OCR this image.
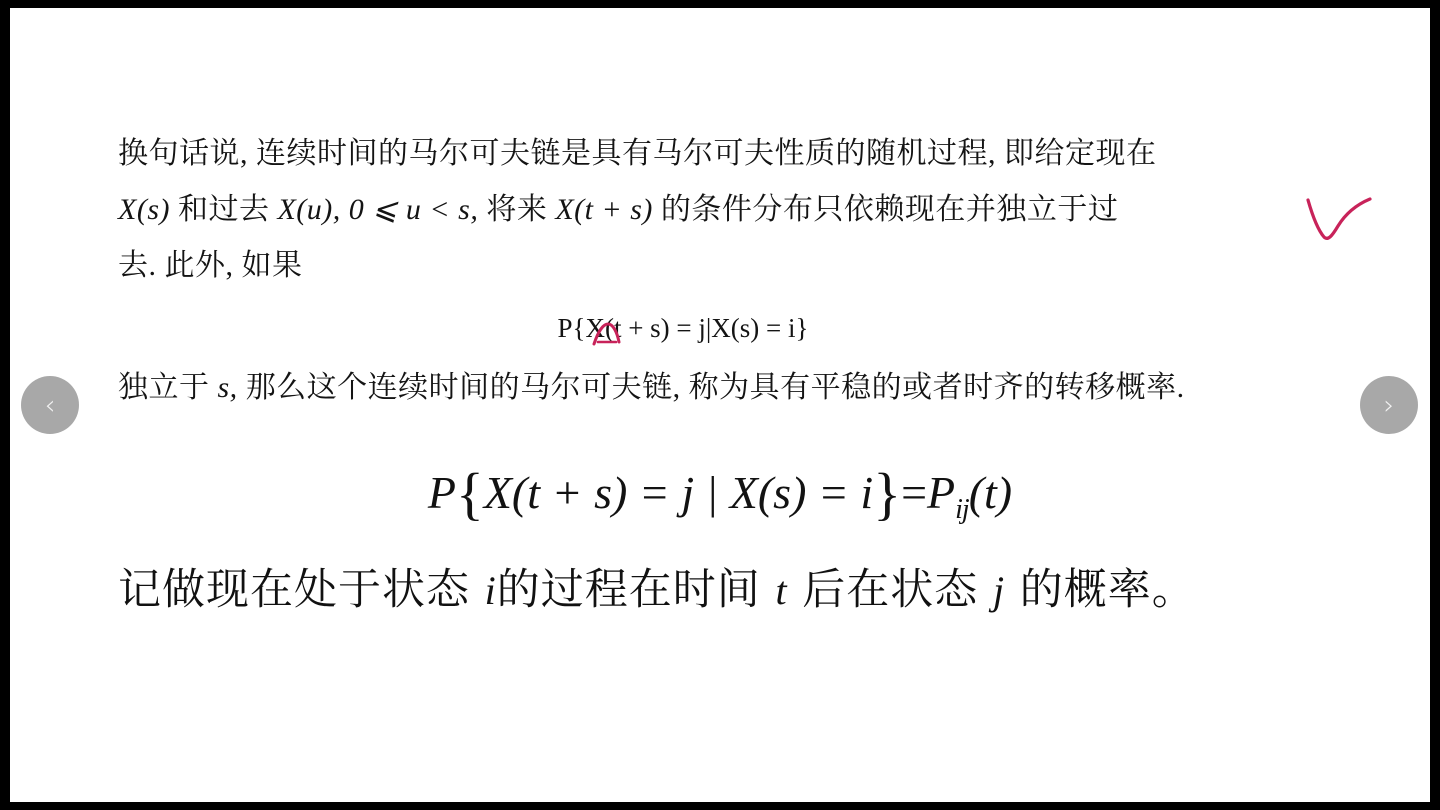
换句话说, 连续时间的马尔可夫链是具有马尔可夫性质的随机过程, 即给定现在
X(s) 和过去 X(u), 0 ⩽ u < s, 将来 X(t + s) 的条件分布只依赖现在并独立于过
去. 此外, 如果
P{X(t + s) = j|X(s) = i}
独立于 s, 那么这个连续时间的马尔可夫链, 称为具有平稳的或者时齐的转移概率.
P{X(t + s) = j | $X(s) = i\}=P_{ij}(t)$
记做现在处于状态 i的过程在时间 t 后在状态 j 的概率。
‹	›
